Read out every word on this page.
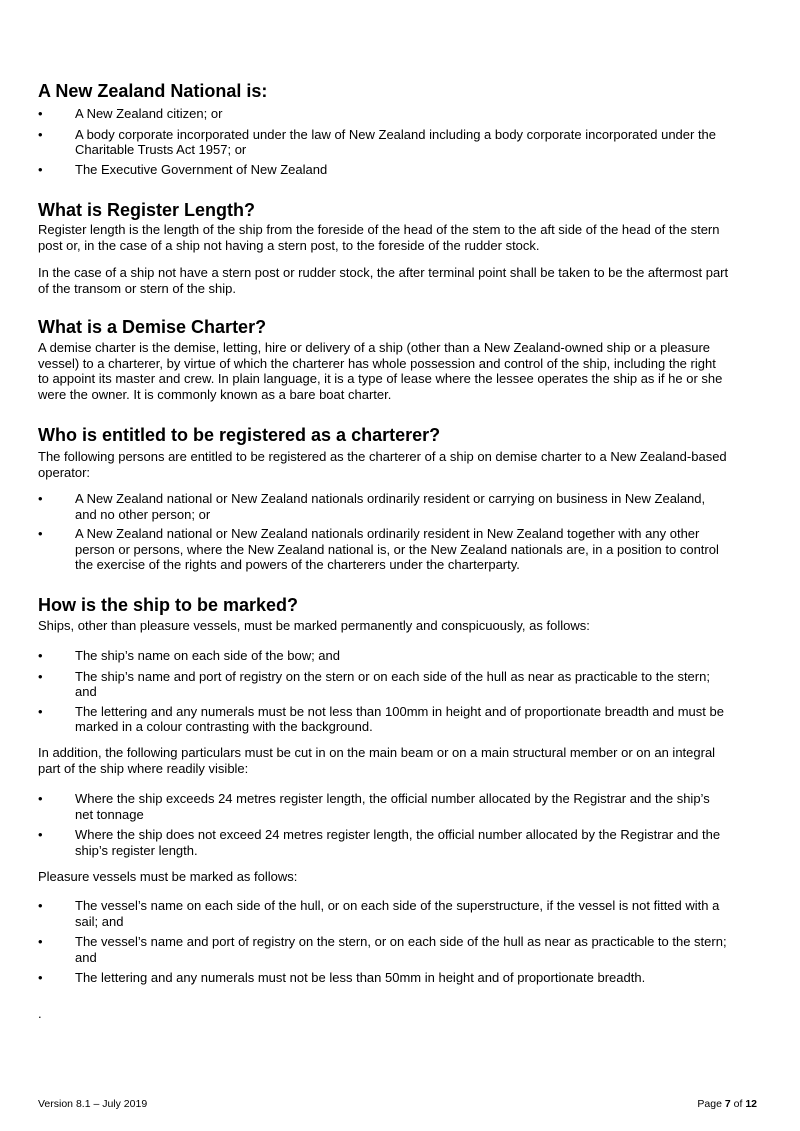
A New Zealand National is:
•	A New Zealand citizen; or
•	A body corporate incorporated under the law of New Zealand including a body corporate incorporated under the Charitable Trusts Act 1957; or
•	The Executive Government of New Zealand
What is Register Length?

Register length is the length of the ship from the foreside of the head of the stem to the aft side of the head of the stern post or, in the case of a ship not having a stern post, to the foreside of the rudder stock.

In the case of a ship not have a stern post or rudder stock, the after terminal point shall be taken to be the aftermost part of the transom or stern of the ship.

What is a Demise Charter?

A demise charter is the demise, letting, hire or delivery of a ship (other than a New Zealand-owned ship or a pleasure vessel) to a charterer, by virtue of which the charterer has whole possession and control of the ship, including the right to appoint its master and crew. In plain language, it is a type of lease where the lessee operates the ship as if he or she were the owner. It is commonly known as a bare boat charter.

Who is entitled to be registered as a charterer?

The following persons are entitled to be registered as the charterer of a ship on demise charter to a New Zealand-based operator:

•	A New Zealand national or New Zealand nationals ordinarily resident or carrying on business in New Zealand, and no other person; or
•	A New Zealand national or New Zealand nationals ordinarily resident in New Zealand together with any other person or persons, where the New Zealand national is, or the New Zealand nationals are, in a position to control the exercise of the rights and powers of the charterers under the charterparty.
How is the ship to be marked?

Ships, other than pleasure vessels, must be marked permanently and conspicuously, as follows:

•	The ship’s name on each side of the bow; and
•	The ship’s name and port of registry on the stern or on each side of the hull as near as practicable to the stern; and
•	The lettering and any numerals must be not less than 100mm in height and of proportionate breadth and must be marked in a colour contrasting with the background.

In addition, the following particulars must be cut in on the main beam or on a main structural member or on an integral part of the ship where readily visible:

•	Where the ship exceeds 24 metres register length, the official number allocated by the Registrar and the ship’s net tonnage
•	Where the ship does not exceed 24 metres register length, the official number allocated by the Registrar and the ship’s register length.

Pleasure vessels must be marked as follows:

•	The vessel’s name on each side of the hull, or on each side of the superstructure, if the vessel is not fitted with a sail; and
•	The vessel’s name and port of registry on the stern, or on each side of the hull as near as practicable to the stern; and
•	The lettering and any numerals must not be less than 50mm in height and of proportionate breadth.

.

Version 8.1 – July 2019	Page 7 of 12
